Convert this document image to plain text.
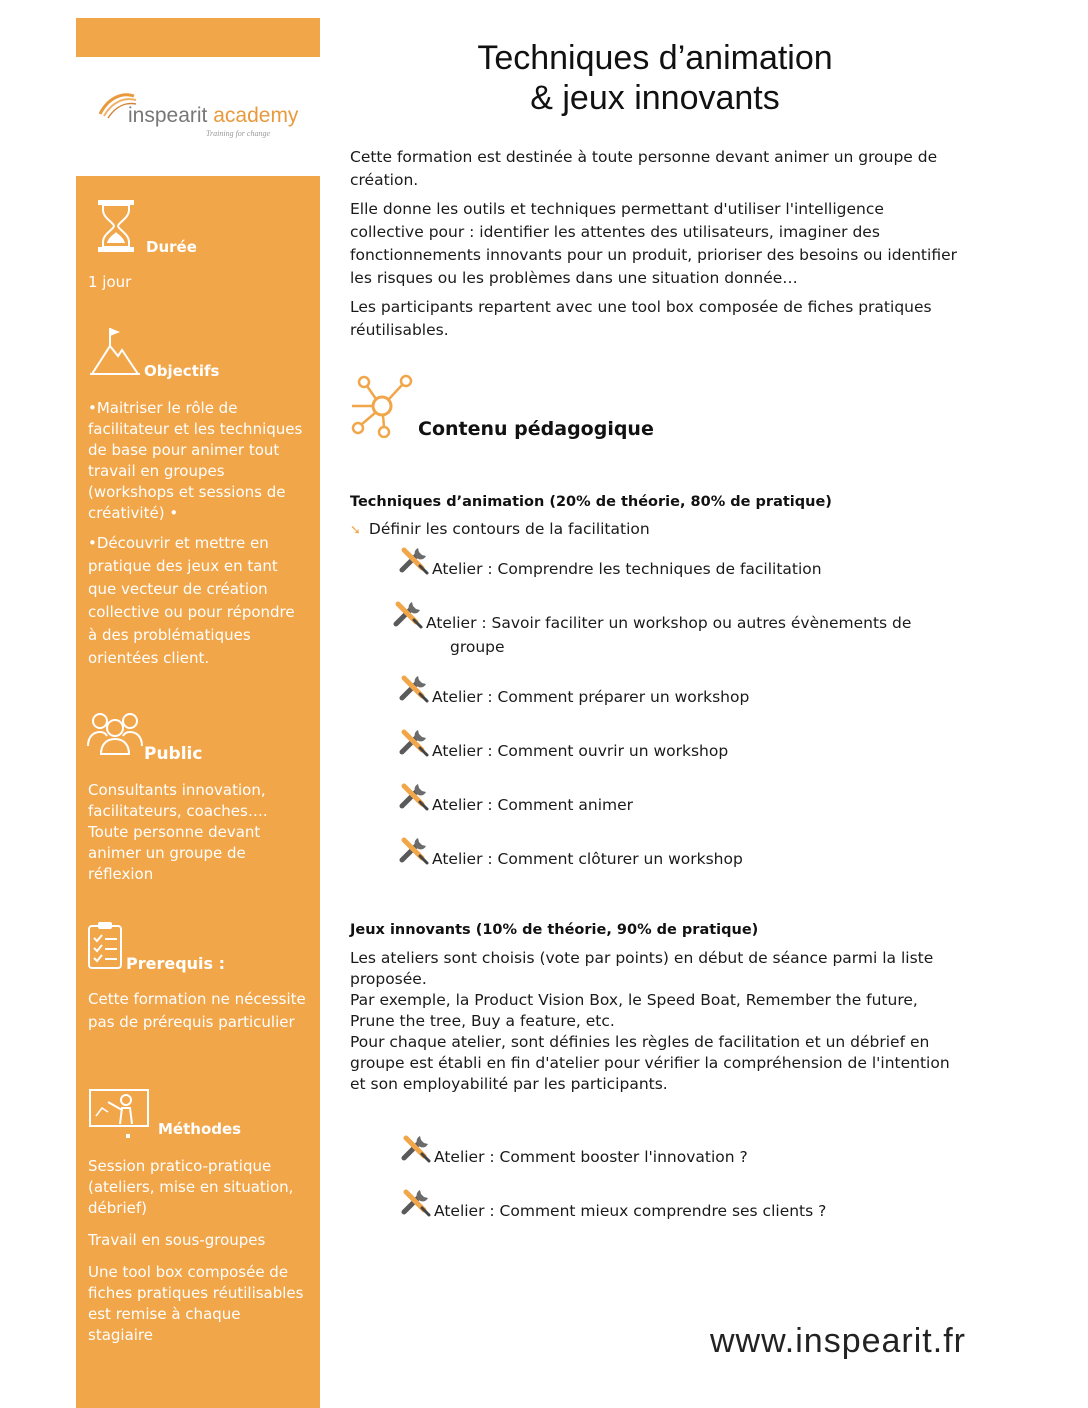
inspearit academy
Training for change
Techniques d’animation
& jeux innovants

Cette formation est destinée à toute personne devant animer un groupe de création.

Elle donne les outils et techniques permettant d'utiliser l'intelligence collective pour : identifier les attentes des utilisateurs, imaginer des fonctionnements innovants pour un produit, prioriser des besoins ou identifier les risques ou les problèmes dans une situation donnée…

Les participants repartent avec une tool box composée de fiches pratiques réutilisables.

Durée
1 jour
Objectifs

•Maitriser le rôle de facilitateur et les techniques de base pour animer tout travail en groupes (workshops et sessions de créativité) •

•Découvrir et mettre en pratique des jeux en tant que vecteur de création collective ou pour répondre à des problématiques orientées client.

Public
Consultants innovation, facilitateurs, coaches…. Toute personne devant animer un groupe de réflexion
Prerequis :
Cette formation ne nécessite pas de prérequis particulier
Méthodes

Session pratico-pratique (ateliers, mise en situation, débrief)

Travail en sous-groupes

Une tool box composée de fiches pratiques réutilisables est remise à chaque stagiaire

Contenu pédagogique
Techniques d’animation (20% de théorie, 80% de pratique)
➘ Définir les contours de la facilitation
Atelier : Comprendre les techniques de facilitation
Atelier : Savoir faciliter un workshop ou autres évènements de
groupe
Atelier : Comment préparer un workshop
Atelier : Comment ouvrir un workshop
Atelier : Comment animer
Atelier : Comment clôturer un workshop
Jeux innovants (10% de théorie, 90% de pratique)

Les ateliers sont choisis (vote par points) en début de séance parmi la liste proposée.

Par exemple, la Product Vision Box, le Speed Boat, Remember the future, Prune the tree, Buy a feature, etc.

Pour chaque atelier, sont définies les règles de facilitation et un débrief en groupe est établi en fin d'atelier pour vérifier la compréhension de l'intention et son employabilité par les participants.

Atelier : Comment booster l'innovation ?
Atelier : Comment mieux comprendre ses clients ?
www.inspearit.fr
